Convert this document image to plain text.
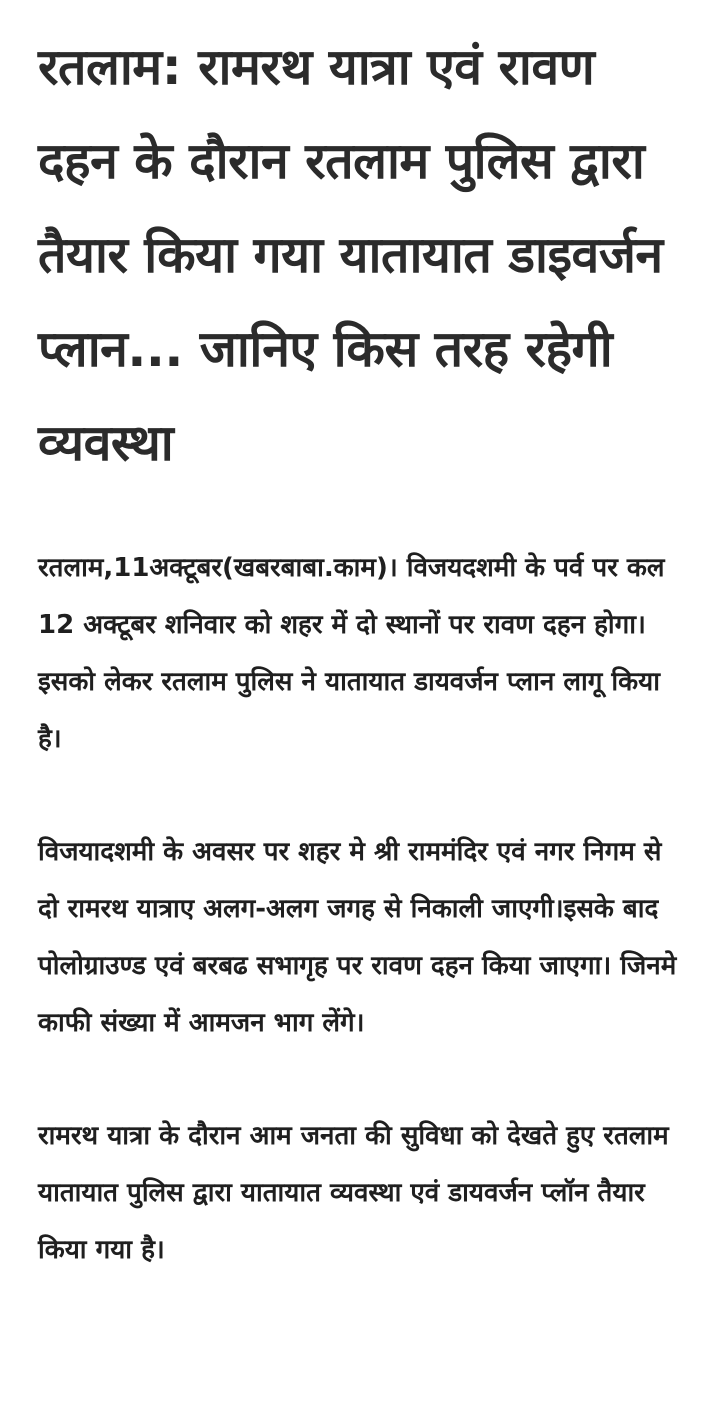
रतलाम: रामरथ यात्रा एवं रावण दहन के दौरान रतलाम पुलिस द्वारा तैयार किया गया यातायात डाइवर्जन प्लान... जानिए किस तरह रहेगी व्यवस्था

रतलाम,11अक्टूबर(खबरबाबा.काम)। विजयदशमी के पर्व पर कल 12 अक्टूबर शनिवार को शहर में दो स्थानों पर रावण दहन होगा। इसको लेकर रतलाम पुलिस ने यातायात डायवर्जन प्लान लागू किया है।

विजयादशमी के अवसर पर शहर मे श्री राममंदिर एवं नगर निगम से दो रामरथ यात्राए अलग-अलग जगह से निकाली जाएगी।इसके बाद पोलोग्राउण्ड एवं बरबढ सभागृह पर रावण दहन किया जाएगा। जिनमे काफी संख्या में आमजन भाग लेंगे।

रामरथ यात्रा के दौरान आम जनता की सुविधा को देखते हुए रतलाम यातायात पुलिस द्वारा यातायात व्यवस्था एवं डायवर्जन प्लॉन तैयार किया गया है।
